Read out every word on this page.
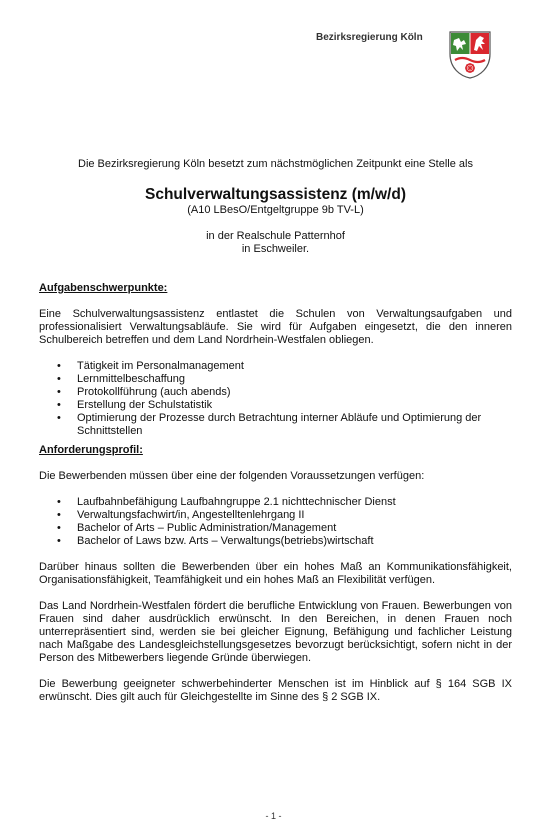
Bezirksregierung Köln
Die Bezirksregierung Köln besetzt zum nächstmöglichen Zeitpunkt eine Stelle als
Schulverwaltungsassistenz (m/w/d)
(A10 LBesO/Entgeltgruppe 9b TV-L)
in der Realschule Patternhof
in Eschweiler.
Aufgabenschwerpunkte:
Eine Schulverwaltungsassistenz entlastet die Schulen von Verwaltungsaufgaben und professionalisiert Verwaltungsabläufe. Sie wird für Aufgaben eingesetzt, die den inneren Schulbereich betreffen und dem Land Nordrhein-Westfalen obliegen.
• Tätigkeit im Personalmanagement
• Lernmittelbeschaffung
• Protokollführung (auch abends)
• Erstellung der Schulstatistik
• Optimierung der Prozesse durch Betrachtung interner Abläufe und Optimierung der Schnittstellen
Anforderungsprofil:
Die Bewerbenden müssen über eine der folgenden Voraussetzungen verfügen:
• Laufbahnbefähigung Laufbahngruppe 2.1 nichttechnischer Dienst
• Verwaltungsfachwirt/in, Angestelltenlehrgang II
• Bachelor of Arts – Public Administration/Management
• Bachelor of Laws bzw. Arts – Verwaltungs(betriebs)wirtschaft
Darüber hinaus sollten die Bewerbenden über ein hohes Maß an Kommunikationsfähigkeit, Organisationsfähigkeit, Teamfähigkeit und ein hohes Maß an Flexibilität verfügen.
Das Land Nordrhein-Westfalen fördert die berufliche Entwicklung von Frauen. Bewerbungen von Frauen sind daher ausdrücklich erwünscht. In den Bereichen, in denen Frauen noch unterrepräsentiert sind, werden sie bei gleicher Eignung, Befähigung und fachlicher Leistung nach Maßgabe des Landesgleichstellungsgesetzes bevorzugt berücksichtigt, sofern nicht in der Person des Mitbewerbers liegende Gründe überwiegen.
Die Bewerbung geeigneter schwerbehinderter Menschen ist im Hinblick auf § 164 SGB IX erwünscht. Dies gilt auch für Gleichgestellte im Sinne des § 2 SGB IX.
- 1 -
